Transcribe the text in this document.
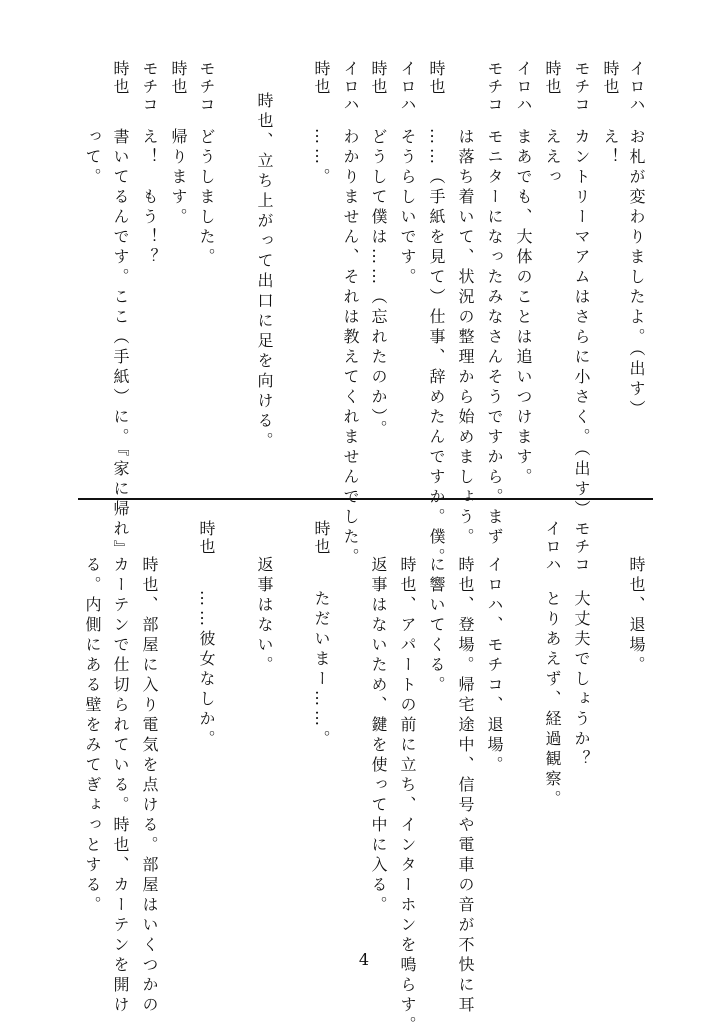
イロハ
お札が変わりましたよ。（出す）
時也
え！
モチコ
カントリーマアムはさらに小さく。（出す）
時也
ええっ
イロハ
まあでも、大体のことは追いつけます。
モチコ
モニターになったみなさんそうですから。まず
は落ち着いて、状況の整理から始めましょう。
時也
……（手紙を見て）仕事、辞めたんですか。僕。
イロハ
そうらしいです。
時也
どうして僕は……（忘れたのか）。
イロハ
わかりません、それは教えてくれませんでした。
時也
……。
時也、立ち上がって出口に足を向ける。
モチコ
どうしました。
時也
帰ります。
モチコ
え！　もう！？
時也
書いてるんです。ここ（手紙）に。『家に帰れ』
って。
時也、退場。
モチコ
大丈夫でしょうか？
イロハ
とりあえず、経過観察。
イロハ、モチコ、退場。
時也、登場。帰宅途中、信号や電車の音が不快に耳
に響いてくる。
時也、アパートの前に立ち、インターホンを鳴らす。
返事はないため、鍵を使って中に入る。
時也
ただいまー……。
返事はない。
時也
……彼女なしか。
時也、部屋に入り電気を点ける。部屋はいくつかの
カーテンで仕切られている。時也、カーテンを開け
る。内側にある壁をみてぎょっとする。
4
